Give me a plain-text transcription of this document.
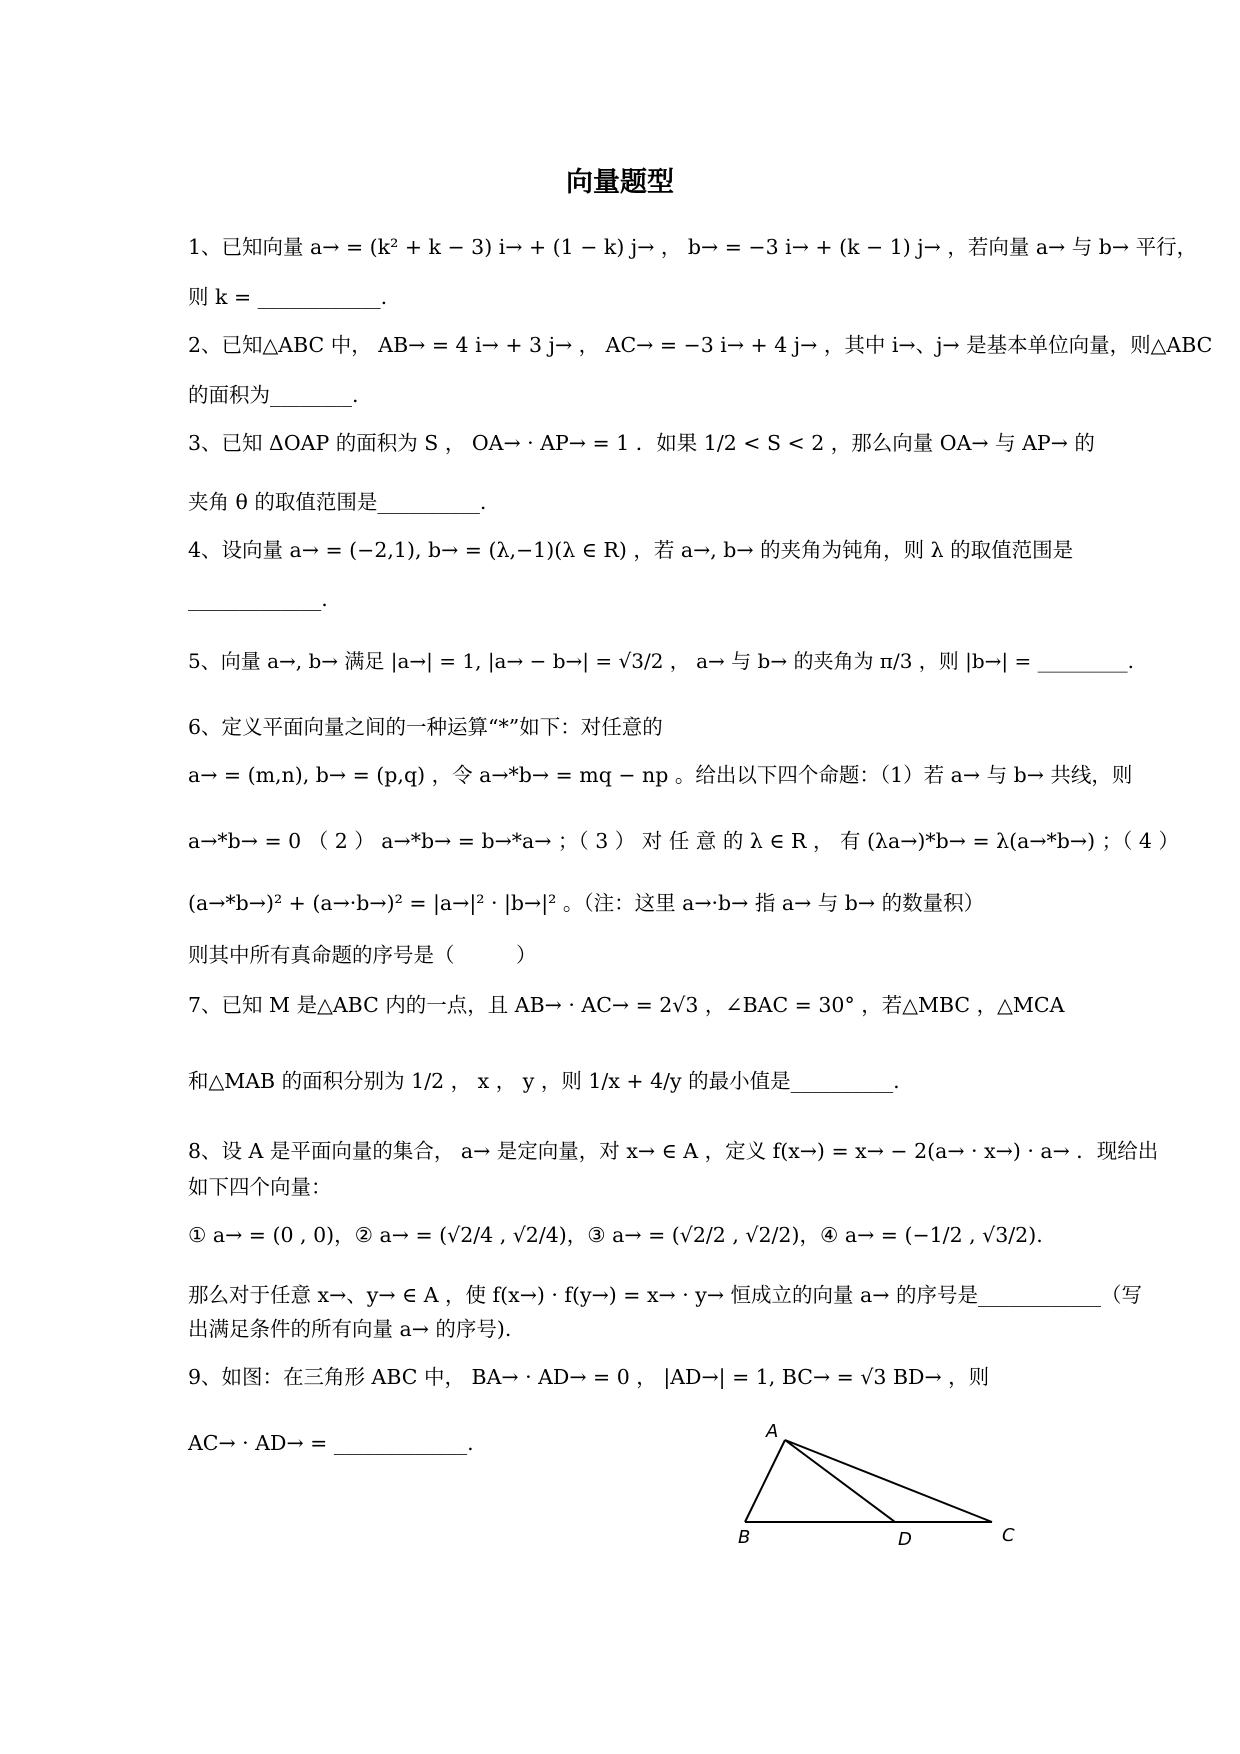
向量题型
1、已知向量 a→ = (k² + k − 3) i→ + (1 − k) j→ ， b→ = −3 i→ + (k − 1) j→ ，若向量 a→ 与 b→ 平行，
则 k = ____________.
2、已知△ABC 中， AB→ = 4 i→ + 3 j→ ， AC→ = −3 i→ + 4 j→ ，其中 i→、j→ 是基本单位向量，则△ABC
的面积为________.
3、已知 ΔOAP 的面积为 S ， OA→ · AP→ = 1 ．如果 1/2 < S < 2 ，那么向量 OA→ 与 AP→ 的
夹角 θ 的取值范围是__________.
4、设向量 a→ = (−2,1), b→ = (λ,−1)(λ ∈ R) ，若 a→, b→ 的夹角为钝角，则 λ 的取值范围是
_____________.
5、向量 a→, b→ 满足 |a→| = 1, |a→ − b→| = √3/2 ， a→ 与 b→ 的夹角为 π/3 ，则 |b→| = _________.
6、定义平面向量之间的一种运算“*”如下：对任意的
a→ = (m,n), b→ = (p,q) ，令 a→*b→ = mq − np 。给出以下四个命题：（1）若 a→ 与 b→ 共线，则
a→*b→ = 0 （ 2 ） a→*b→ = b→*a→ ；（ 3 ） 对 任 意 的 λ ∈ R ， 有 (λa→)*b→ = λ(a→*b→) ；（ 4 ）
(a→*b→)² + (a→·b→)² = |a→|² · |b→|² 。（注：这里 a→·b→ 指 a→ 与 b→ 的数量积）
则其中所有真命题的序号是（　　　）
7、已知 M 是△ABC 内的一点，且 AB→ · AC→ = 2√3 ，∠BAC = 30° ，若△MBC ，△MCA
和△MAB 的面积分别为 1/2 ， x ， y ，则 1/x + 4/y 的最小值是__________.
8、设 A 是平面向量的集合， a→ 是定向量，对 x→ ∈ A ，定义 f(x→) = x→ − 2(a→ · x→) · a→ ．现给出
如下四个向量：
① a→ = (0 , 0)，② a→ = (√2/4 , √2/4)，③ a→ = (√2/2 , √2/2)，④ a→ = (−1/2 , √3/2).
那么对于任意 x→、y→ ∈ A ，使 f(x→) · f(y→) = x→ · y→ 恒成立的向量 a→ 的序号是____________（写
出满足条件的所有向量 a→ 的序号).
9、如图：在三角形 ABC 中， BA→ · AD→ = 0 ， |AD→| = 1, BC→ = √3 BD→ ，则
AC→ · AD→ = _____________.	A
B	D	C
